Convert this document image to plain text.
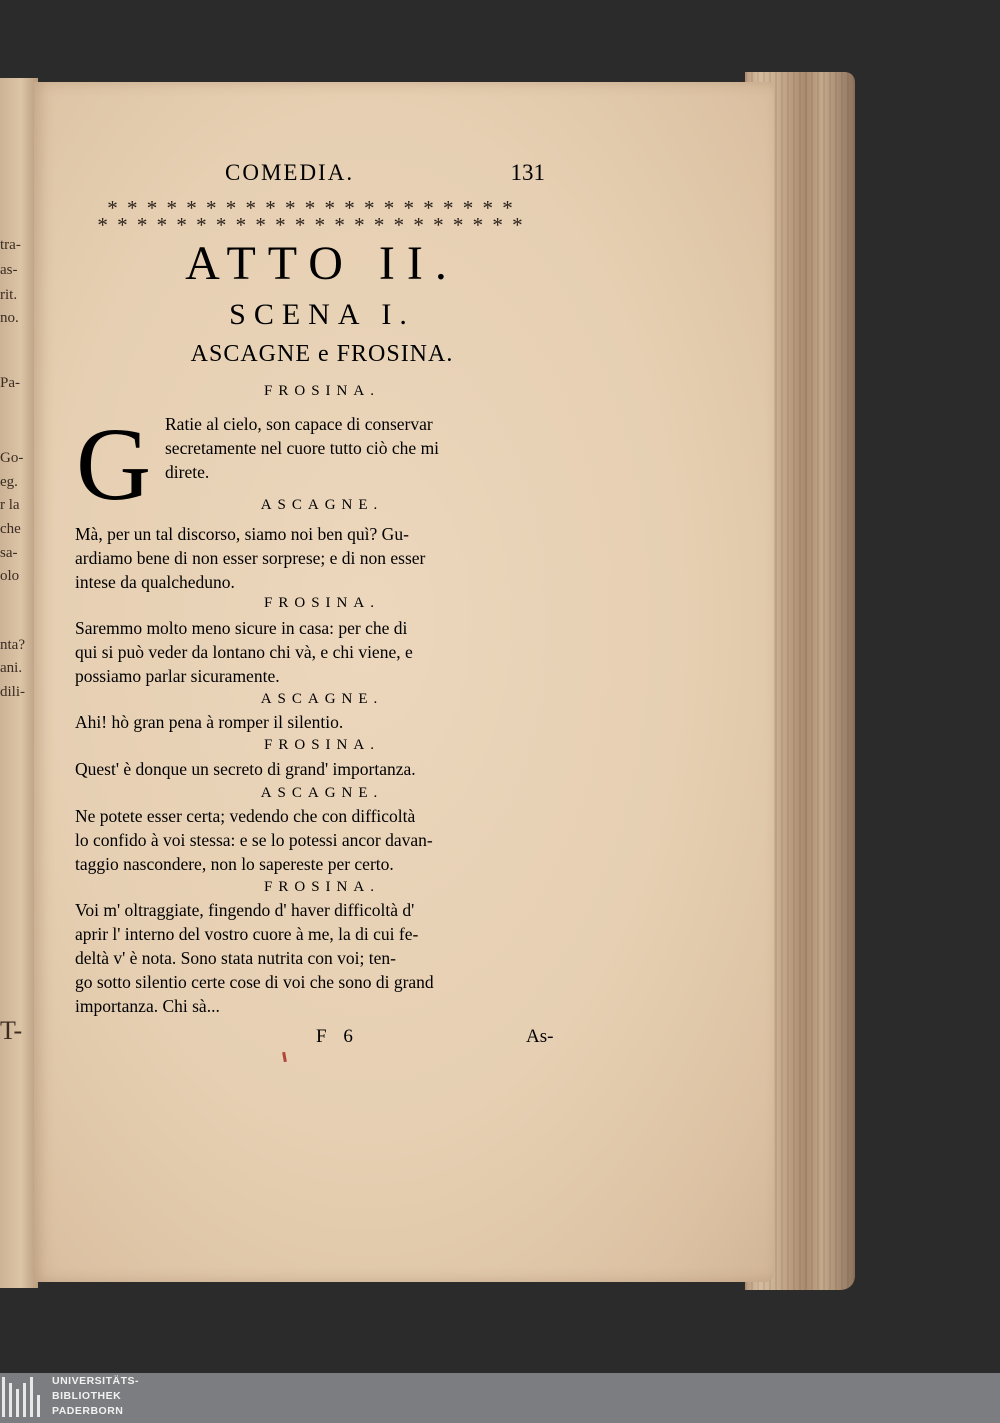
tra-
as-
rit.
no.
Pa-
Go-
eg.
r la
che
sa-
olo
nta?
ani.
dili-
T-
COMEDIA.	131
* * * * * * * * * * * * * * * * * * * * *
* * * * * * * * * * * * * * * * * * * * * *
ATTO II.
SCENA I.
ASCAGNE e FROSINA.
FROSINA.
G Ratie al cielo, son capace di conservar
secretamente nel cuore tutto ciò che mi
direte.
ASCAGNE.
Mà, per un tal discorso, siamo noi ben quì? Gu-
ardiamo bene di non esser sorprese; e di non esser
intese da qualcheduno.
FROSINA.
Saremmo molto meno sicure in casa: per che di
qui si può veder da lontano chi và, e chi viene, e
possiamo parlar sicuramente.
ASCAGNE.
Ahi! hò gran pena à romper il silentio.
FROSINA.
Quest' è donque un secreto di grand' importanza.
ASCAGNE.
Ne potete esser certa; vedendo che con difficoltà
lo confido à voi stessa: e se lo potessi ancor davan-
taggio nascondere, non lo sapereste per certo.
FROSINA.
Voi m' oltraggiate, fingendo d' haver difficoltà d'
aprir l' interno del vostro cuore à me, la di cui fe-
deltà v' è nota. Sono stata nutrita con voi; ten-
go sotto silentio certe cose di voi che sono di grand
importanza. Chi sà...
F 6	As-
UNIVERSITÄTS-
BIBLIOTHEK
PADERBORN
